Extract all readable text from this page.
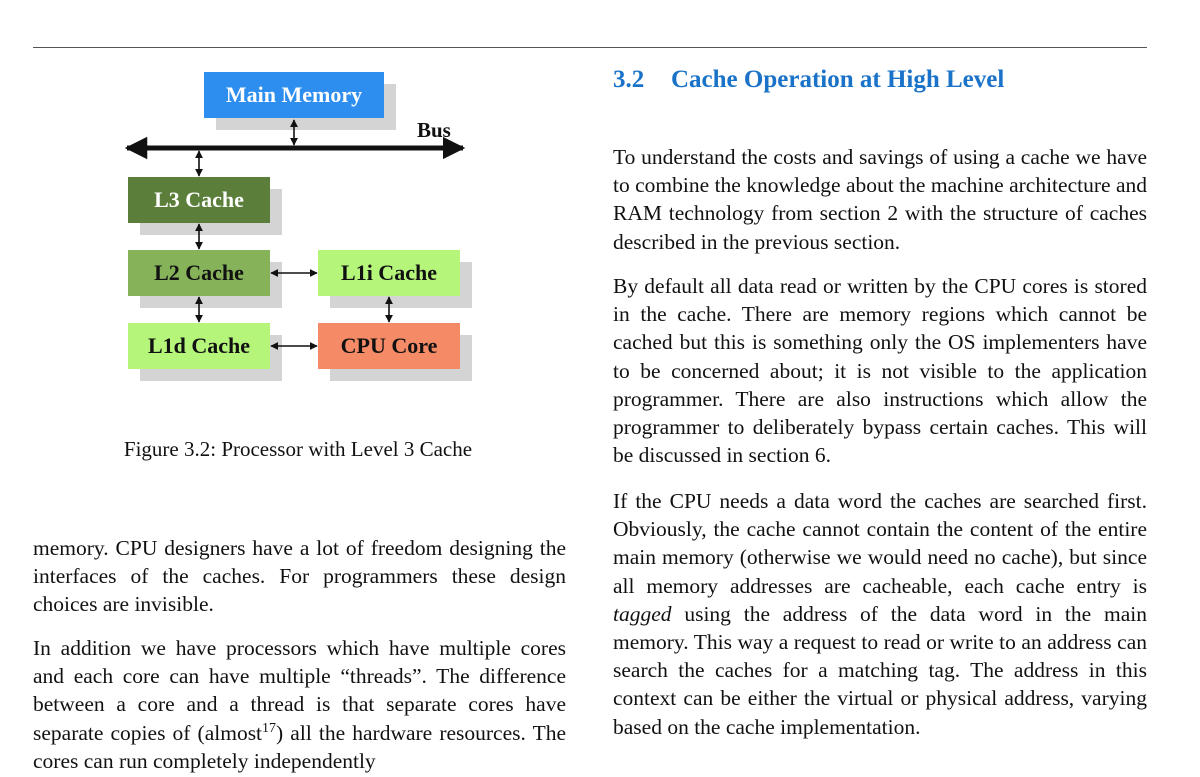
Main Memory
L3 Cache
L2 Cache	L1i Cache
L1d Cache	CPU Core
Bus
Figure 3.2: Processor with Level 3 Cache

memory. CPU designers have a lot of freedom designing the interfaces of the caches. For programmers these design choices are invisible.

In addition we have processors which have multiple cores and each core can have multiple “threads”. The difference between a core and a thread is that separate cores have separate copies of (almost$^{17}$) all the hardware resources. The cores can run completely independently

3.2 Cache Operation at High Level

To understand the costs and savings of using a cache we have to combine the knowledge about the machine architecture and RAM technology from section 2 with the structure of caches described in the previous section.

By default all data read or written by the CPU cores is stored in the cache. There are memory regions which cannot be cached but this is something only the OS implementers have to be concerned about; it is not visible to the application programmer. There are also instructions which allow the programmer to deliberately bypass certain caches. This will be discussed in section 6.

If the CPU needs a data word the caches are searched first. Obviously, the cache cannot contain the content of the entire main memory (otherwise we would need no cache), but since all memory addresses are cacheable, each cache entry is tagged using the address of the data word in the main memory. This way a request to read or write to an address can search the caches for a matching tag. The address in this context can be either the virtual or physical address, varying based on the cache implementation.
